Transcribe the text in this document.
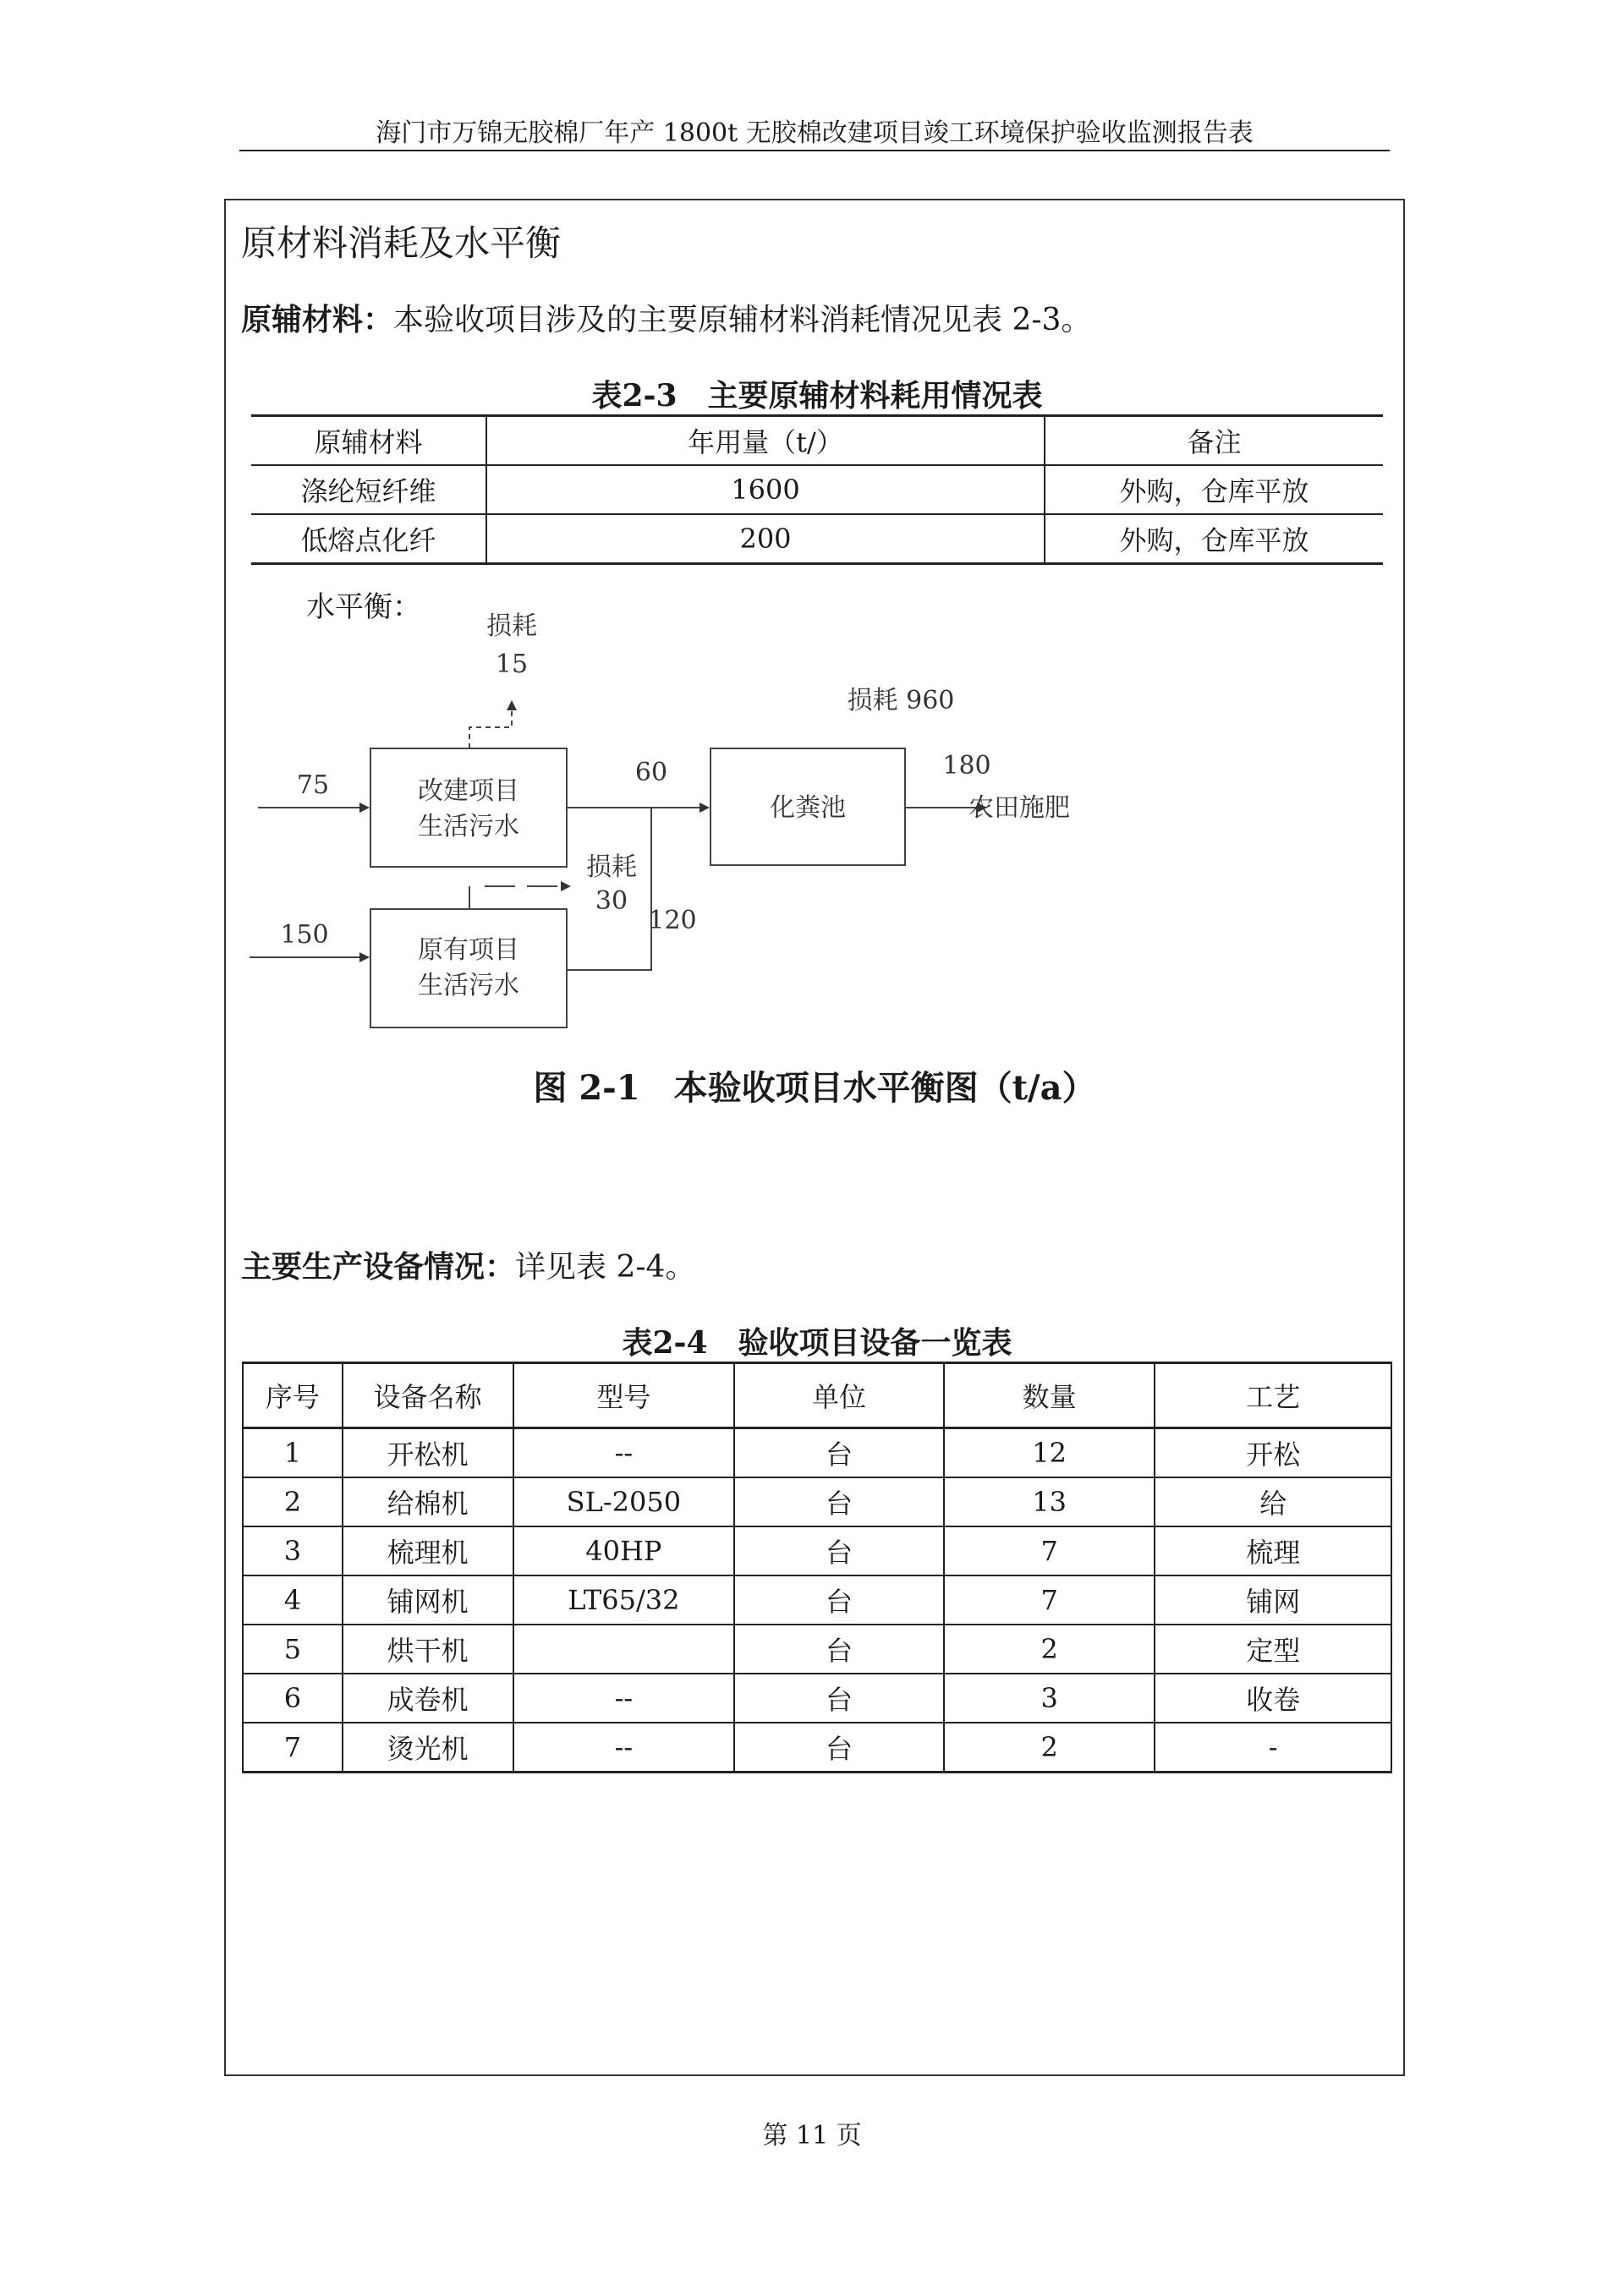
海门市万锦无胶棉厂年产 1800t 无胶棉改建项目竣工环境保护验收监测报告表
原材料消耗及水平衡
原辅材料：本验收项目涉及的主要原辅材料消耗情况见表 2-3。
表2-3　主要原辅材料耗用情况表
原辅材料	年用量（t/）	备注
涤纶短纤维	1600	外购，仓库平放
低熔点化纤	200	外购，仓库平放
水平衡：
损耗
15
损耗 960
改建项目
生活污水
原有项目
生活污水
化粪池
75
150
60
120
180
农田施肥
损耗
30
图 2-1　本验收项目水平衡图（t/a）
主要生产设备情况：详见表 2-4。
表2-4　验收项目设备一览表
序号	设备名称	型号	单位	数量	工艺
1	开松机	--	台	12	开松
2	给棉机	SL-2050	台	13	给
3	梳理机	40HP	台	7	梳理
4	铺网机	LT65/32	台	7	铺网
5	烘干机		台	2	定型
6	成卷机	--	台	3	收卷
7	烫光机	--	台	2	-
第 11 页
